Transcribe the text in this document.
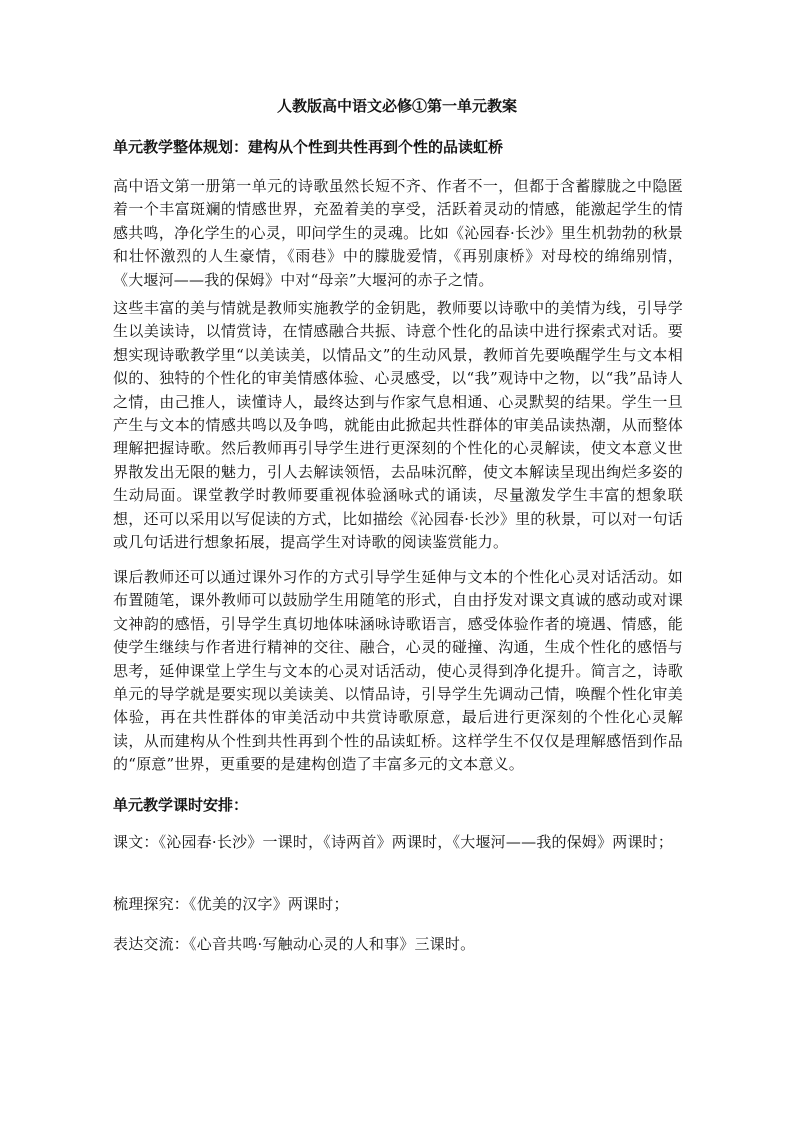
人教版高中语文必修①第一单元教案
单元教学整体规划：建构从个性到共性再到个性的品读虹桥
高中语文第一册第一单元的诗歌虽然长短不齐、作者不一，但都于含蓄朦胧之中隐匿着一个丰富斑斓的情感世界，充盈着美的享受，活跃着灵动的情感，能激起学生的情感共鸣，净化学生的心灵，叩问学生的灵魂。比如《沁园春·长沙》里生机勃勃的秋景和壮怀激烈的人生豪情，《雨巷》中的朦胧爱情，《再别康桥》对母校的绵绵别情，《大堰河——我的保姆》中对“母亲”大堰河的赤子之情。
这些丰富的美与情就是教师实施教学的金钥匙，教师要以诗歌中的美情为线，引导学生以美读诗，以情赏诗，在情感融合共振、诗意个性化的品读中进行探索式对话。要想实现诗歌教学里“以美读美，以情品文”的生动风景，教师首先要唤醒学生与文本相似的、独特的个性化的审美情感体验、心灵感受，以“我”观诗中之物，以“我”品诗人之情，由己推人，读懂诗人，最终达到与作家气息相通、心灵默契的结果。学生一旦产生与文本的情感共鸣以及争鸣，就能由此掀起共性群体的审美品读热潮，从而整体理解把握诗歌。然后教师再引导学生进行更深刻的个性化的心灵解读，使文本意义世界散发出无限的魅力，引人去解读领悟，去品味沉醉，使文本解读呈现出绚烂多姿的生动局面。课堂教学时教师要重视体验涵咏式的诵读，尽量激发学生丰富的想象联想，还可以采用以写促读的方式，比如描绘《沁园春·长沙》里的秋景，可以对一句话或几句话进行想象拓展，提高学生对诗歌的阅读鉴赏能力。
课后教师还可以通过课外习作的方式引导学生延伸与文本的个性化心灵对话活动。如布置随笔，课外教师可以鼓励学生用随笔的形式，自由抒发对课文真诚的感动或对课文神韵的感悟，引导学生真切地体味涵咏诗歌语言，感受体验作者的境遇、情感，能使学生继续与作者进行精神的交往、融合，心灵的碰撞、沟通，生成个性化的感悟与思考，延伸课堂上学生与文本的心灵对话活动，使心灵得到净化提升。简言之，诗歌单元的导学就是要实现以美读美、以情品诗，引导学生先调动己情，唤醒个性化审美体验，再在共性群体的审美活动中共赏诗歌原意，最后进行更深刻的个性化心灵解读，从而建构从个性到共性再到个性的品读虹桥。这样学生不仅仅是理解感悟到作品的“原意”世界，更重要的是建构创造了丰富多元的文本意义。
单元教学课时安排：
课文：《沁园春·长沙》一课时，《诗两首》两课时，《大堰河——我的保姆》两课时；
梳理探究：《优美的汉字》两课时；
表达交流：《心音共鸣·写触动心灵的人和事》三课时。
